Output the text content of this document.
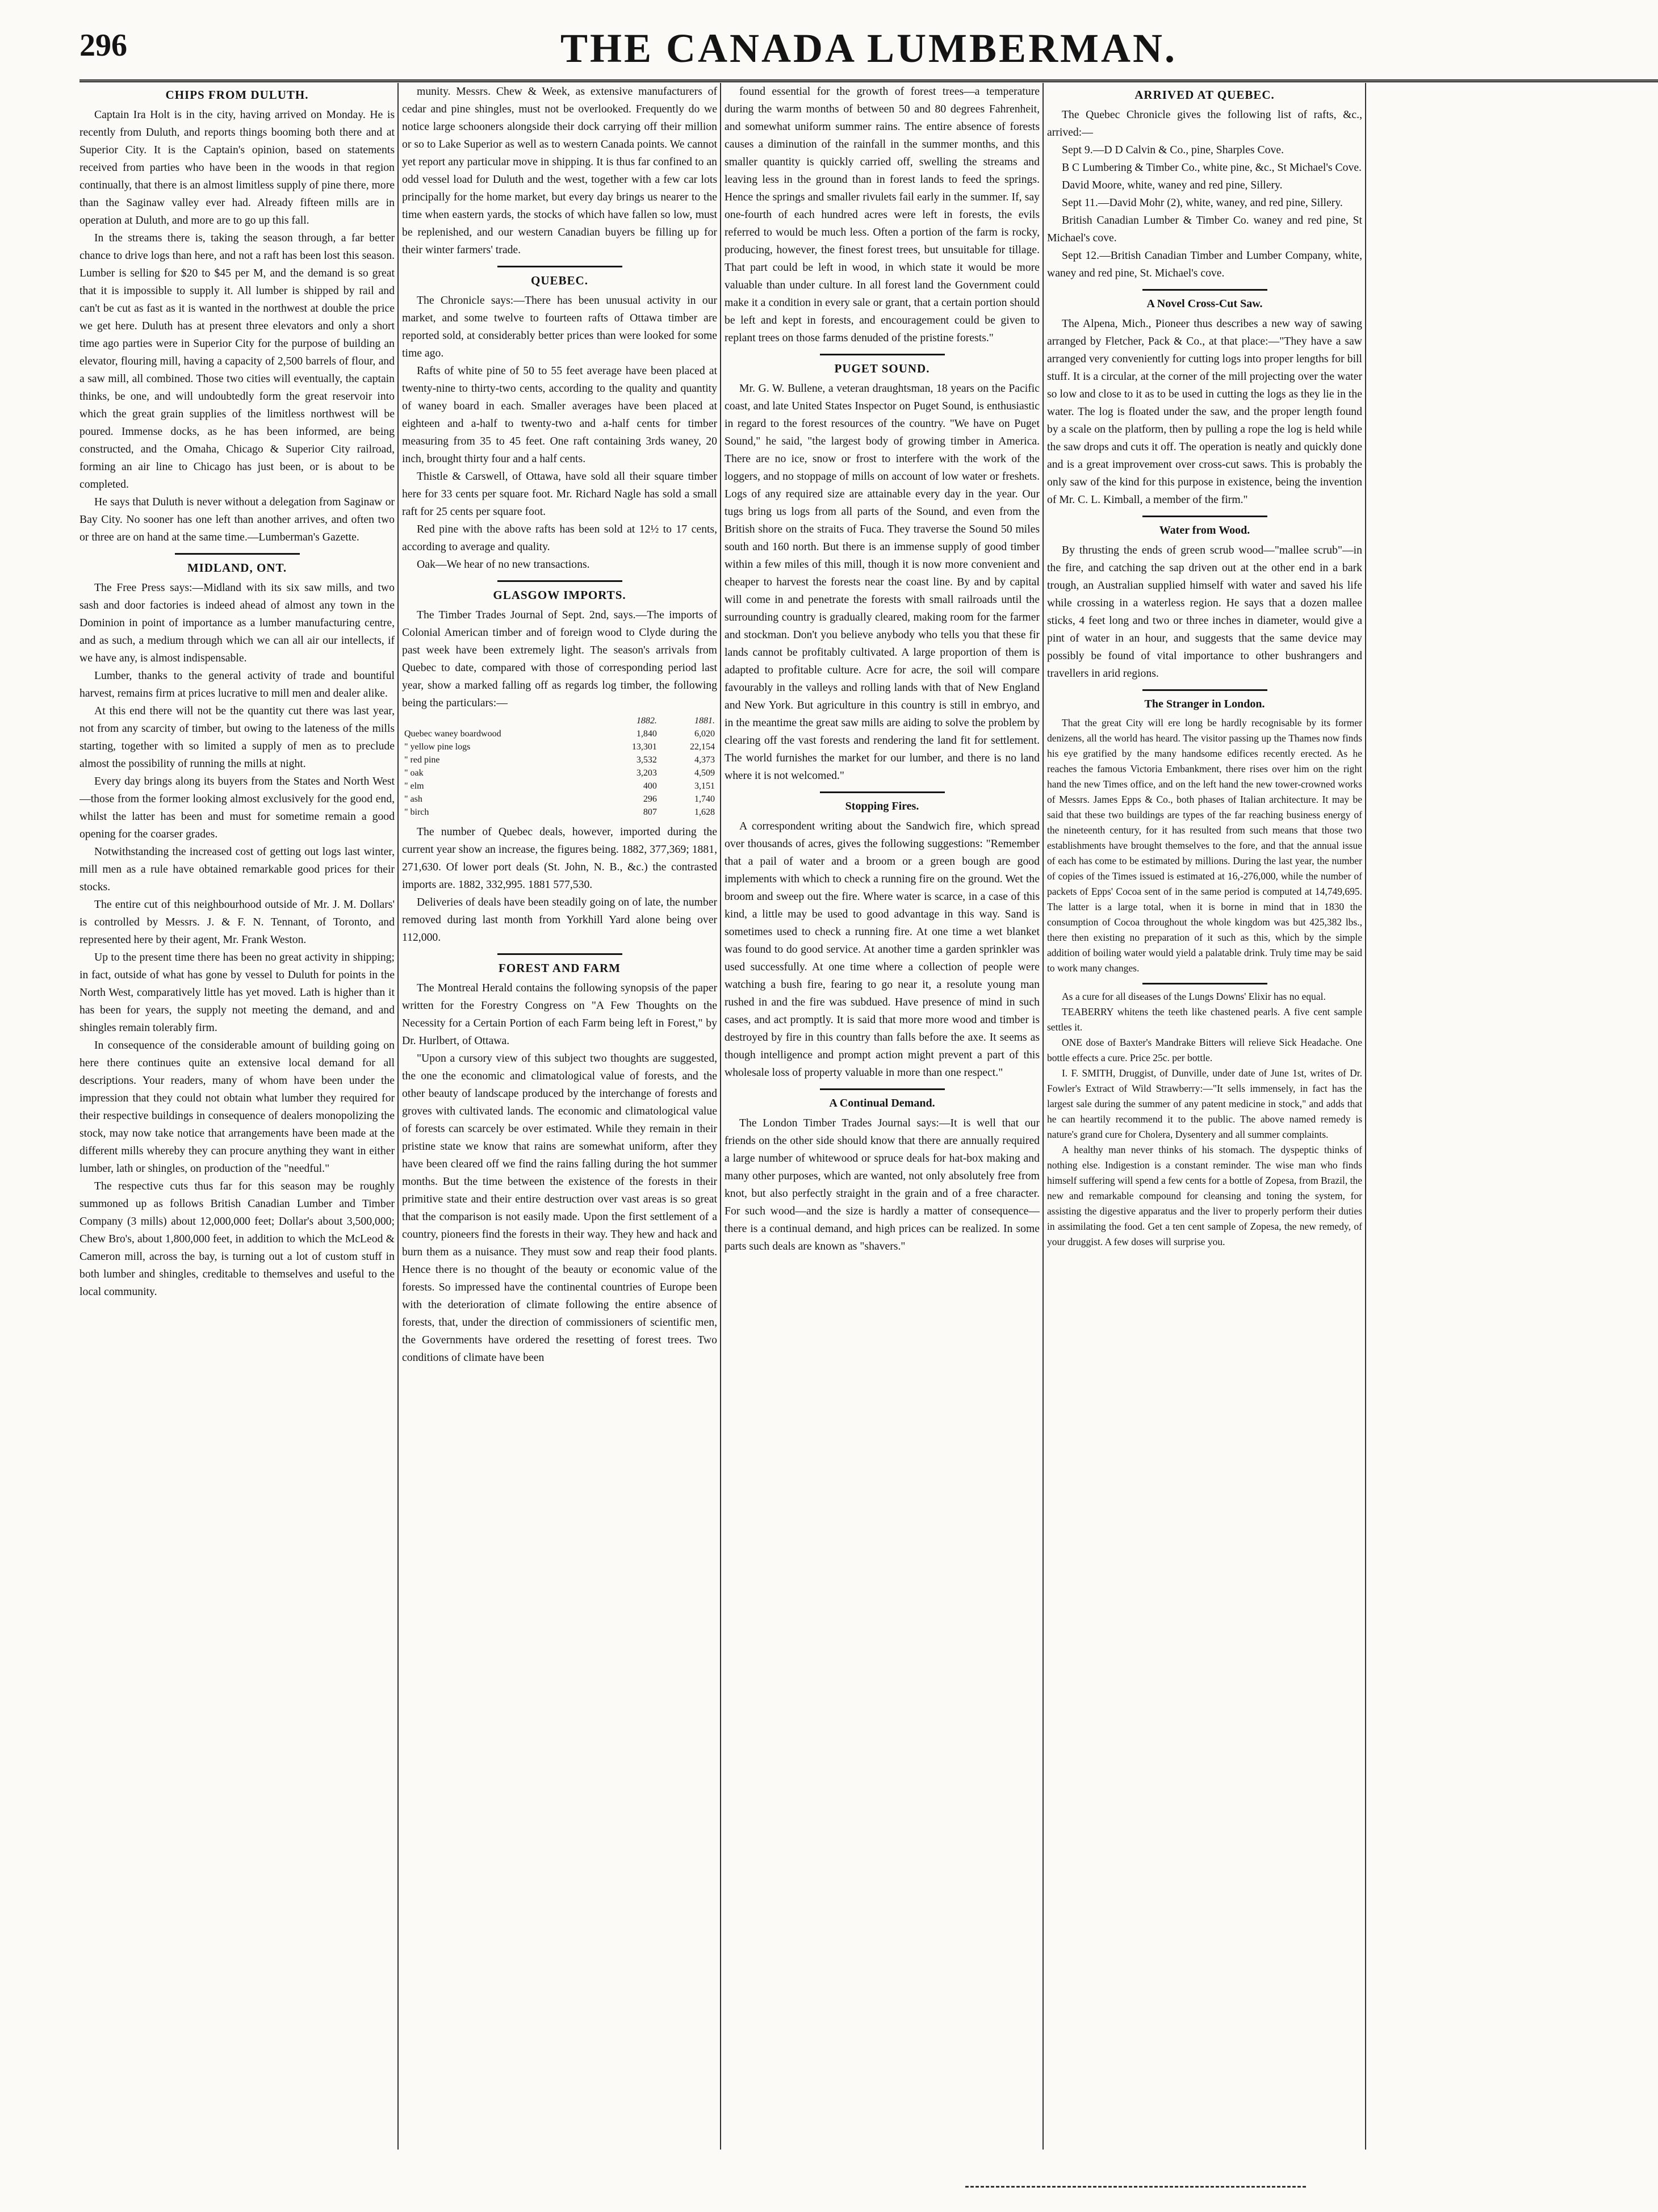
296	THE CANADA LUMBERMAN.
CHIPS FROM DULUTH.

Captain Ira Holt is in the city, having arrived on Monday. He is recently from Duluth, and reports things booming both there and at Superior City. It is the Captain's opinion, based on statements received from parties who have been in the woods in that region continually, that there is an almost limitless supply of pine there, more than the Saginaw valley ever had. Already fifteen mills are in operation at Duluth, and more are to go up this fall.

In the streams there is, taking the season through, a far better chance to drive logs than here, and not a raft has been lost this season. Lumber is selling for $20 to $45 per M, and the demand is so great that it is impossible to supply it. All lumber is shipped by rail and can't be cut as fast as it is wanted in the northwest at double the price we get here. Duluth has at present three elevators and only a short time ago parties were in Superior City for the purpose of building an elevator, flouring mill, having a capacity of 2,500 barrels of flour, and a saw mill, all combined. Those two cities will eventually, the captain thinks, be one, and will undoubtedly form the great reservoir into which the great grain supplies of the limitless northwest will be poured. Immense docks, as he has been informed, are being constructed, and the Omaha, Chicago & Superior City railroad, forming an air line to Chicago has just been, or is about to be completed.

He says that Duluth is never without a delegation from Saginaw or Bay City. No sooner has one left than another arrives, and often two or three are on hand at the same time.—Lumberman's Gazette.

MIDLAND, ONT.

The Free Press says:—Midland with its six saw mills, and two sash and door factories is indeed ahead of almost any town in the Dominion in point of importance as a lumber manufacturing centre, and as such, a medium through which we can all air our intellects, if we have any, is almost indispensable.

Lumber, thanks to the general activity of trade and bountiful harvest, remains firm at prices lucrative to mill men and dealer alike.

At this end there will not be the quantity cut there was last year, not from any scarcity of timber, but owing to the lateness of the mills starting, together with so limited a supply of men as to preclude almost the possibility of running the mills at night.

Every day brings along its buyers from the States and North West—those from the former looking almost exclusively for the good end, whilst the latter has been and must for sometime remain a good opening for the coarser grades.

Notwithstanding the increased cost of getting out logs last winter, mill men as a rule have obtained remarkable good prices for their stocks.

The entire cut of this neighbourhood outside of Mr. J. M. Dollars' is controlled by Messrs. J. & F. N. Tennant, of Toronto, and represented here by their agent, Mr. Frank Weston.

Up to the present time there has been no great activity in shipping; in fact, outside of what has gone by vessel to Duluth for points in the North West, comparatively little has yet moved. Lath is higher than it has been for years, the supply not meeting the demand, and and shingles remain tolerably firm.

In consequence of the considerable amount of building going on here there continues quite an extensive local demand for all descriptions. Your readers, many of whom have been under the impression that they could not obtain what lumber they required for their respective buildings in consequence of dealers monopolizing the stock, may now take notice that arrangements have been made at the different mills whereby they can procure anything they want in either lumber, lath or shingles, on production of the "needful."

The respective cuts thus far for this season may be roughly summoned up as follows British Canadian Lumber and Timber Company (3 mills) about 12,000,000 feet; Dollar's about 3,500,000; Chew Bro's, about 1,800,000 feet, in addition to which the McLeod & Cameron mill, across the bay, is turning out a lot of custom stuff in both lumber and shingles, creditable to themselves and useful to the local community.

munity. Messrs. Chew & Week, as extensive manufacturers of cedar and pine shingles, must not be overlooked. Frequently do we notice large schooners alongside their dock carrying off their million or so to Lake Superior as well as to western Canada points. We cannot yet report any particular move in shipping. It is thus far confined to an odd vessel load for Duluth and the west, together with a few car lots principally for the home market, but every day brings us nearer to the time when eastern yards, the stocks of which have fallen so low, must be replenished, and our western Canadian buyers be filling up for their winter farmers' trade.

QUEBEC.

The Chronicle says:—There has been unusual activity in our market, and some twelve to fourteen rafts of Ottawa timber are reported sold, at considerably better prices than were looked for some time ago.

Rafts of white pine of 50 to 55 feet average have been placed at twenty-nine to thirty-two cents, according to the quality and quantity of waney board in each. Smaller averages have been placed at eighteen and a-half to twenty-two and a-half cents for timber measuring from 35 to 45 feet. One raft containing 3rds waney, 20 inch, brought thirty four and a half cents.

Thistle & Carswell, of Ottawa, have sold all their square timber here for 33 cents per square foot. Mr. Richard Nagle has sold a small raft for 25 cents per square foot.

Red pine with the above rafts has been sold at 12½ to 17 cents, according to average and quality.

Oak—We hear of no new transactions.

GLASGOW IMPORTS.

The Timber Trades Journal of Sept. 2nd, says.—The imports of Colonial American timber and of foreign wood to Clyde during the past week have been extremely light. The season's arrivals from Quebec to date, compared with those of corresponding period last year, show a marked falling off as regards log timber, the following being the particulars:—

	1882.	1881.
Quebec waney boardwood	1,840	6,020
" yellow pine logs	13,301	22,154
" red pine	3,532	4,373
" oak	3,203	4,509
" elm	400	3,151
" ash	296	1,740
" birch	807	1,628

The number of Quebec deals, however, imported during the current year show an increase, the figures being. 1882, 377,369; 1881, 271,630. Of lower port deals (St. John, N. B., &c.) the contrasted imports are. 1882, 332,995. 1881 577,530.

Deliveries of deals have been steadily going on of late, the number removed during last month from Yorkhill Yard alone being over 112,000.

FOREST AND FARM

The Montreal Herald contains the following synopsis of the paper written for the Forestry Congress on "A Few Thoughts on the Necessity for a Certain Portion of each Farm being left in Forest," by Dr. Hurlbert, of Ottawa.

"Upon a cursory view of this subject two thoughts are suggested, the one the economic and climatological value of forests, and the other beauty of landscape produced by the interchange of forests and groves with cultivated lands. The economic and climatological value of forests can scarcely be over estimated. While they remain in their pristine state we know that rains are somewhat uniform, after they have been cleared off we find the rains falling during the hot summer months. But the time between the existence of the forests in their primitive state and their entire destruction over vast areas is so great that the comparison is not easily made. Upon the first settlement of a country, pioneers find the forests in their way. They hew and hack and burn them as a nuisance. They must sow and reap their food plants. Hence there is no thought of the beauty or economic value of the forests. So impressed have the continental countries of Europe been with the deterioration of climate following the entire absence of forests, that, under the direction of commissioners of scientific men, the Governments have ordered the resetting of forest trees. Two conditions of climate have been

found essential for the growth of forest trees—a temperature during the warm months of between 50 and 80 degrees Fahrenheit, and somewhat uniform summer rains. The entire absence of forests causes a diminution of the rainfall in the summer months, and this smaller quantity is quickly carried off, swelling the streams and leaving less in the ground than in forest lands to feed the springs. Hence the springs and smaller rivulets fail early in the summer. If, say one-fourth of each hundred acres were left in forests, the evils referred to would be much less. Often a portion of the farm is rocky, producing, however, the finest forest trees, but unsuitable for tillage. That part could be left in wood, in which state it would be more valuable than under culture. In all forest land the Government could make it a condition in every sale or grant, that a certain portion should be left and kept in forests, and encouragement could be given to replant trees on those farms denuded of the pristine forests."

PUGET SOUND.

Mr. G. W. Bullene, a veteran draughtsman, 18 years on the Pacific coast, and late United States Inspector on Puget Sound, is enthusiastic in regard to the forest resources of the country. "We have on Puget Sound," he said, "the largest body of growing timber in America. There are no ice, snow or frost to interfere with the work of the loggers, and no stoppage of mills on account of low water or freshets. Logs of any required size are attainable every day in the year. Our tugs bring us logs from all parts of the Sound, and even from the British shore on the straits of Fuca. They traverse the Sound 50 miles south and 160 north. But there is an immense supply of good timber within a few miles of this mill, though it is now more convenient and cheaper to harvest the forests near the coast line. By and by capital will come in and penetrate the forests with small railroads until the surrounding country is gradually cleared, making room for the farmer and stockman. Don't you believe anybody who tells you that these fir lands cannot be profitably cultivated. A large proportion of them is adapted to profitable culture. Acre for acre, the soil will compare favourably in the valleys and rolling lands with that of New England and New York. But agriculture in this country is still in embryo, and in the meantime the great saw mills are aiding to solve the problem by clearing off the vast forests and rendering the land fit for settlement. The world furnishes the market for our lumber, and there is no land where it is not welcomed."

Stopping Fires.

A correspondent writing about the Sandwich fire, which spread over thousands of acres, gives the following suggestions: "Remember that a pail of water and a broom or a green bough are good implements with which to check a running fire on the ground. Wet the broom and sweep out the fire. Where water is scarce, in a case of this kind, a little may be used to good advantage in this way. Sand is sometimes used to check a running fire. At one time a wet blanket was found to do good service. At another time a garden sprinkler was used successfully. At one time where a collection of people were watching a bush fire, fearing to go near it, a resolute young man rushed in and the fire was subdued. Have presence of mind in such cases, and act promptly. It is said that more more wood and timber is destroyed by fire in this country than falls before the axe. It seems as though intelligence and prompt action might prevent a part of this wholesale loss of property valuable in more than one respect."

A Continual Demand.

The London Timber Trades Journal says:—It is well that our friends on the other side should know that there are annually required a large number of whitewood or spruce deals for hat-box making and many other purposes, which are wanted, not only absolutely free from knot, but also perfectly straight in the grain and of a free character. For such wood—and the size is hardly a matter of consequence—there is a continual demand, and high prices can be realized. In some parts such deals are known as "shavers."

ARRIVED AT QUEBEC.

The Quebec Chronicle gives the following list of rafts, &c., arrived:—

Sept 9.—D D Calvin & Co., pine, Sharples Cove.

B C Lumbering & Timber Co., white pine, &c., St Michael's Cove.

David Moore, white, waney and red pine, Sillery.

Sept 11.—David Mohr (2), white, waney, and red pine, Sillery.

British Canadian Lumber & Timber Co. waney and red pine, St Michael's cove.

Sept 12.—British Canadian Timber and Lumber Company, white, waney and red pine, St. Michael's cove.

A Novel Cross-Cut Saw.

The Alpena, Mich., Pioneer thus describes a new way of sawing arranged by Fletcher, Pack & Co., at that place:—"They have a saw arranged very conveniently for cutting logs into proper lengths for bill stuff. It is a circular, at the corner of the mill projecting over the water so low and close to it as to be used in cutting the logs as they lie in the water. The log is floated under the saw, and the proper length found by a scale on the platform, then by pulling a rope the log is held while the saw drops and cuts it off. The operation is neatly and quickly done and is a great improvement over cross-cut saws. This is probably the only saw of the kind for this purpose in existence, being the invention of Mr. C. L. Kimball, a member of the firm."

Water from Wood.

By thrusting the ends of green scrub wood—"mallee scrub"—in the fire, and catching the sap driven out at the other end in a bark trough, an Australian supplied himself with water and saved his life while crossing in a waterless region. He says that a dozen mallee sticks, 4 feet long and two or three inches in diameter, would give a pint of water in an hour, and suggests that the same device may possibly be found of vital importance to other bushrangers and travellers in arid regions.

The Stranger in London.

That the great City will ere long be hardly recognisable by its former denizens, all the world has heard. The visitor passing up the Thames now finds his eye gratified by the many handsome edifices recently erected. As he reaches the famous Victoria Embankment, there rises over him on the right hand the new Times office, and on the left hand the new tower-crowned works of Messrs. James Epps & Co., both phases of Italian architecture. It may be said that these two buildings are types of the far reaching business energy of the nineteenth century, for it has resulted from such means that those two establishments have brought themselves to the fore, and that the annual issue of each has come to be estimated by millions. During the last year, the number of copies of the Times issued is estimated at 16,-276,000, while the number of packets of Epps' Cocoa sent of in the same period is computed at 14,749,695. The latter is a large total, when it is borne in mind that in 1830 the consumption of Cocoa throughout the whole kingdom was but 425,382 lbs., there then existing no preparation of it such as this, which by the simple addition of boiling water would yield a palatable drink. Truly time may be said to work many changes.

As a cure for all diseases of the Lungs Downs' Elixir has no equal.

TEABERRY whitens the teeth like chastened pearls. A five cent sample settles it.

ONE dose of Baxter's Mandrake Bitters will relieve Sick Headache. One bottle effects a cure. Price 25c. per bottle.

I. F. SMITH, Druggist, of Dunville, under date of June 1st, writes of Dr. Fowler's Extract of Wild Strawberry:—"It sells immensely, in fact has the largest sale during the summer of any patent medicine in stock," and adds that he can heartily recommend it to the public. The above named remedy is nature's grand cure for Cholera, Dysentery and all summer complaints.

A healthy man never thinks of his stomach. The dyspeptic thinks of nothing else. Indigestion is a constant reminder. The wise man who finds himself suffering will spend a few cents for a bottle of Zopesa, from Brazil, the new and remarkable compound for cleansing and toning the system, for assisting the digestive apparatus and the liver to properly perform their duties in assimilating the food. Get a ten cent sample of Zopesa, the new remedy, of your druggist. A few doses will surprise you.
